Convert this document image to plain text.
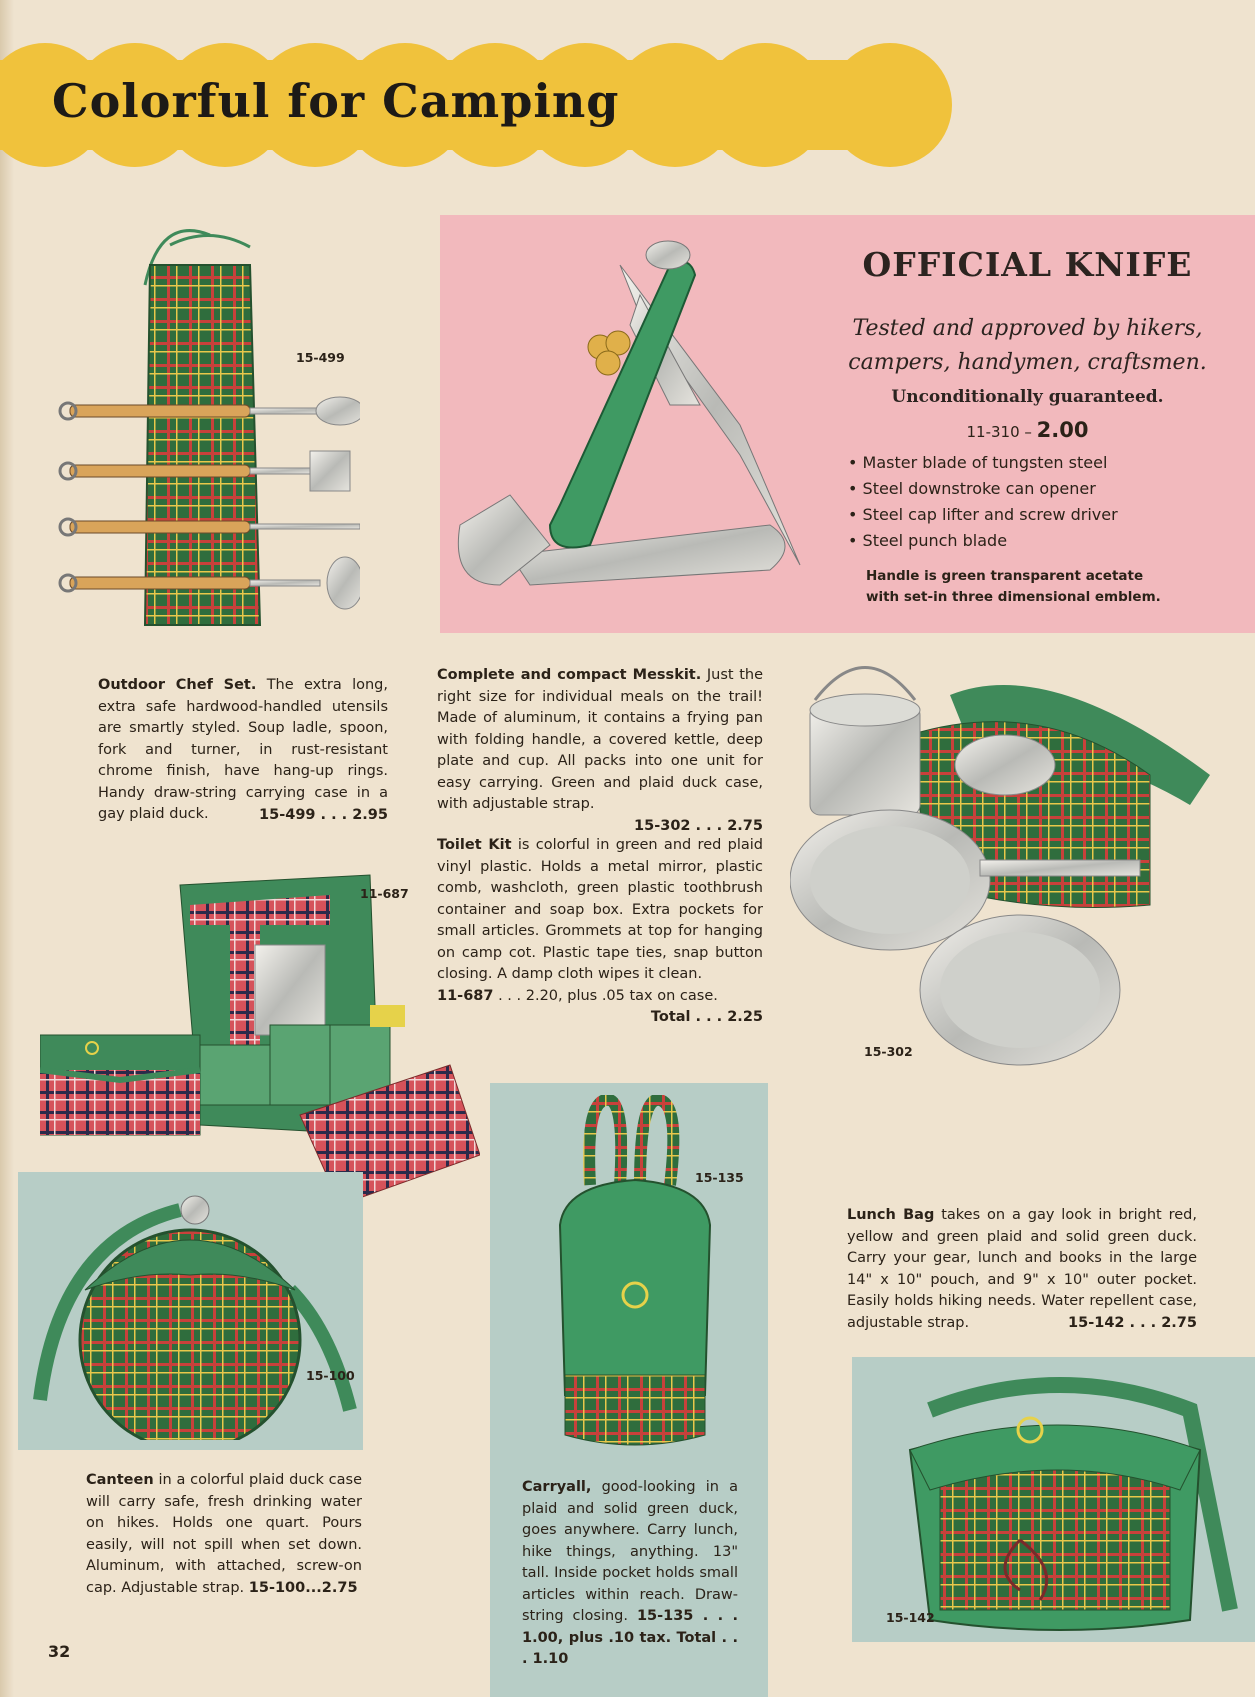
Colorful for Camping
15-499
OFFICIAL KNIFE
Tested and approved by hikers,
campers, handymen, craftsmen.
Unconditionally guaranteed.
11-310 – 2.00
• Master blade of tungsten steel
• Steel downstroke can opener
• Steel cap lifter and screw driver
• Steel punch blade
Handle is green transparent acetate
with set-in three dimensional emblem.
Outdoor Chef Set. The extra long, extra safe hardwood-handled utensils are smartly styled. Soup ladle, spoon, fork and turner, in rust-resistant chrome finish, have hang-up rings. Handy draw-string carrying case in a gay plaid duck.	15-499 . . . 2.95
Complete and compact Messkit. Just the right size for individual meals on the trail! Made of aluminum, it contains a frying pan with folding handle, a covered kettle, deep plate and cup. All packs into one unit for easy carrying. Green and plaid duck case, with adjustable strap.
15-302 . . . 2.75
Toilet Kit is colorful in green and red plaid vinyl plastic. Holds a metal mirror, plastic comb, washcloth, green plastic toothbrush container and soap box. Extra pockets for small articles. Grommets at top for hanging on camp cot. Plastic tape ties, snap button closing. A damp cloth wipes it clean.
11-687 . . . 2.20, plus .05 tax on case.
Total . . . 2.25
15-302
11-687
15-100
15-135
15-142
Lunch Bag takes on a gay look in bright red, yellow and green plaid and solid green duck. Carry your gear, lunch and books in the large 14" x 10" pouch, and 9" x 10" outer pocket. Easily holds hiking needs. Water repellent case, adjustable strap.	15-142 . . . 2.75
Canteen in a colorful plaid duck case will carry safe, fresh drinking water on hikes. Holds one quart. Pours easily, will not spill when set down. Aluminum, with attached, screw-on cap. Adjustable strap. 15-100...2.75
Carryall, good-looking in a plaid and solid green duck, goes anywhere. Carry lunch, hike things, anything. 13" tall. Inside pocket holds small articles within reach. Draw-string closing. 15-135 . . . 1.00, plus .10 tax. Total . . . 1.10
32
